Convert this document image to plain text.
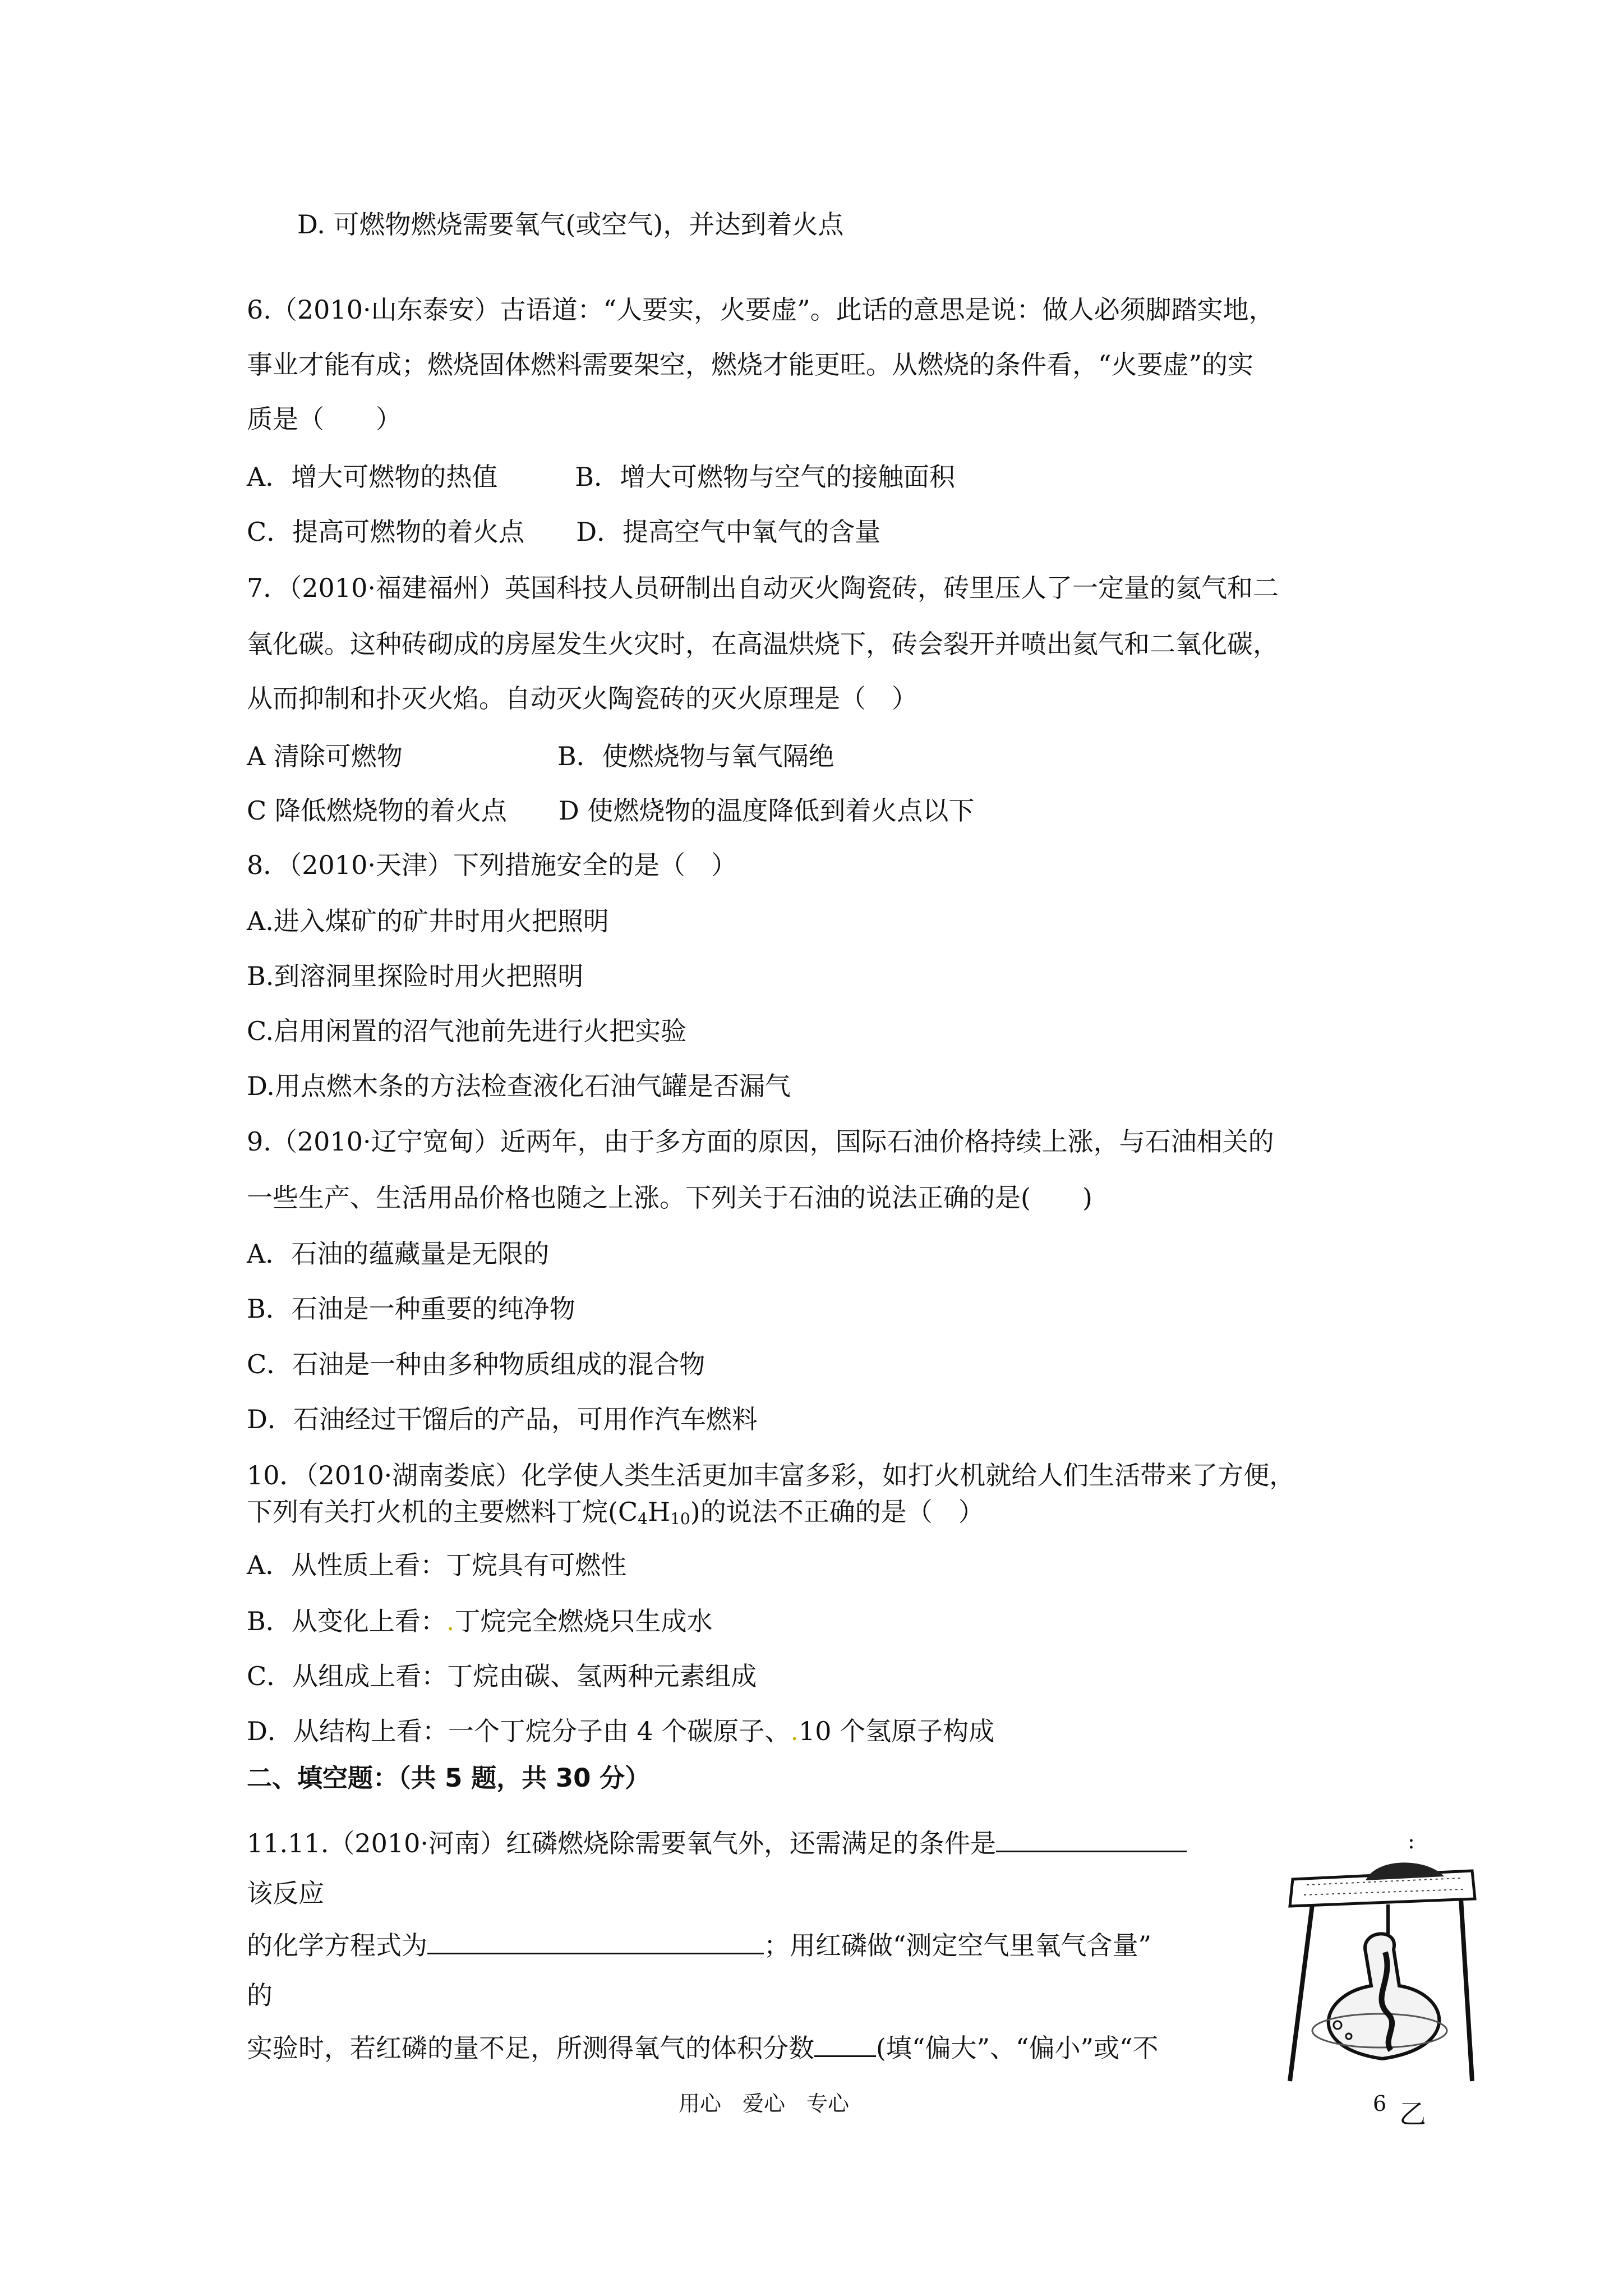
D. 可燃物燃烧需要氧气(或空气)，并达到着火点
6.（2010·山东泰安）古语道：“人要实，火要虚”。此话的意思是说：做人必须脚踏实地，
事业才能有成；燃烧固体燃料需要架空，燃烧才能更旺。从燃烧的条件看，“火要虚”的实
质是（　　）
A．增大可燃物的热值　　　B．增大可燃物与空气的接触面积
C．提高可燃物的着火点　　D．提高空气中氧气的含量
7．（2010·福建福州）英国科技人员研制出自动灭火陶瓷砖，砖里压人了一定量的氦气和二
氧化碳。这种砖砌成的房屋发生火灾时，在高温烘烧下，砖会裂开并喷出氦气和二氧化碳，
从而抑制和扑灭火焰。自动灭火陶瓷砖的灭火原理是（　）
A 清除可燃物　　　　　　B．使燃烧物与氧气隔绝
C 降低燃烧物的着火点　　D 使燃烧物的温度降低到着火点以下
8．（2010·天津）下列措施安全的是（　）
A.进入煤矿的矿井时用火把照明
B.到溶洞里探险时用火把照明
C.启用闲置的沼气池前先进行火把实验
D.用点燃木条的方法检查液化石油气罐是否漏气
9.（2010·辽宁宽甸）近两年，由于多方面的原因，国际石油价格持续上涨，与石油相关的
一些生产、生活用品价格也随之上涨。下列关于石油的说法正确的是(　　)
A．石油的蕴藏量是无限的
B．石油是一种重要的纯净物
C．石油是一种由多种物质组成的混合物
D．石油经过干馏后的产品，可用作汽车燃料
10．（2010·湖南娄底）化学使人类生活更加丰富多彩，如打火机就给人们生活带来了方便，
下列有关打火机的主要燃料丁烷$(C_4H_{10})$的说法不正确的是（　）
A．从性质上看：丁烷具有可燃性
B．从变化上看：.丁烷完全燃烧只生成水
C．从组成上看：丁烷由碳、氢两种元素组成
D．从结构上看：一个丁烷分子由 4 个碳原子、.10 个氢原子构成
二、填空题：（共 5 题，共 30 分）
11.11.（2010·河南）红磷燃烧除需要氧气外，还需满足的条件是
该反应
的化学方程式为	；用红磷做“测定空气里氧气含量”
的
实验时，若红磷的量不足，所测得氧气的体积分数 (填“偏大”、“偏小”或“不
:
乙
用心　爱心　专心	6
